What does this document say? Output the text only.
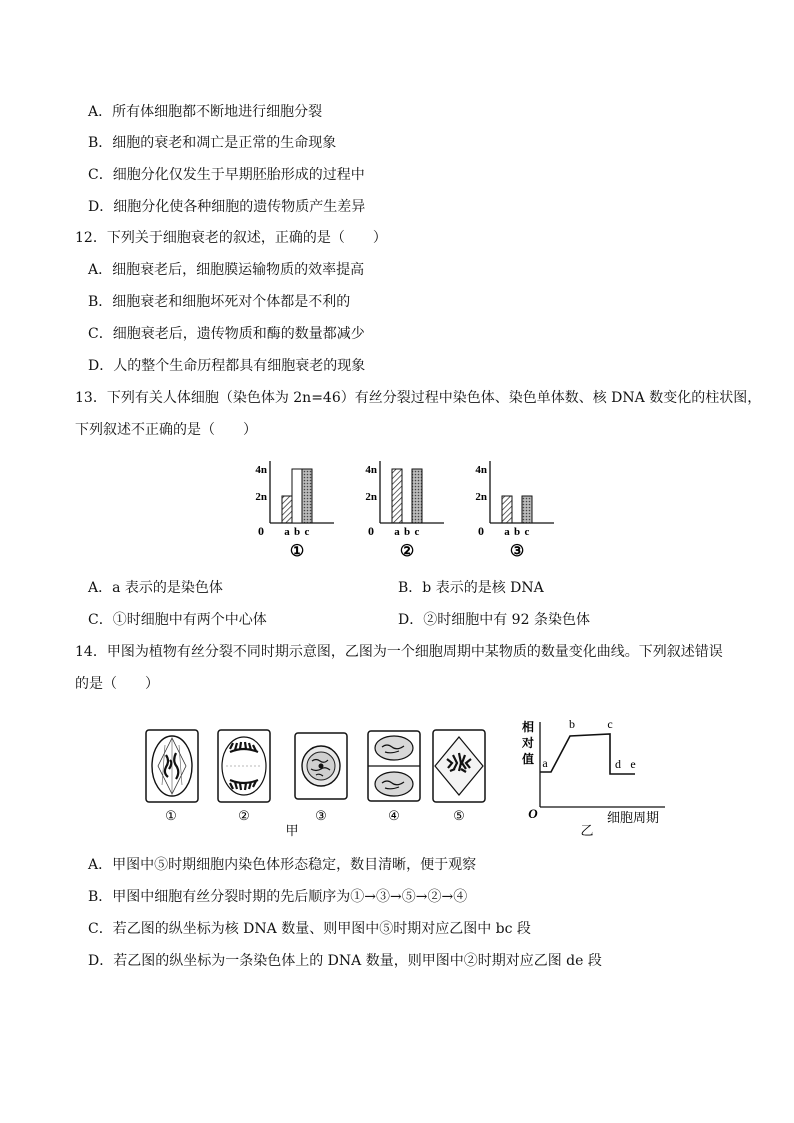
A．所有体细胞都不断地进行细胞分裂
B．细胞的衰老和凋亡是正常的生命现象
C．细胞分化仅发生于早期胚胎形成的过程中
D．细胞分化使各种细胞的遗传物质产生差异
12．下列关于细胞衰老的叙述，正确的是（　　）
A．细胞衰老后，细胞膜运输物质的效率提高
B．细胞衰老和细胞坏死对个体都是不利的
C．细胞衰老后，遗传物质和酶的数量都减少
D．人的整个生命历程都具有细胞衰老的现象
13．下列有关人体细胞（染色体为 2n=46）有丝分裂过程中染色体、染色单体数、核 DNA 数变化的柱状图，
下列叙述不正确的是（　　）
4n
2n
0 a b c
①
4n
2n
0 a b c
②
4n
2n
0 a b c
③
A．a 表示的是染色体	B．b 表示的是核 DNA
C．①时细胞中有两个中心体	D．②时细胞中有 92 条染色体
14．甲图为植物有丝分裂不同时期示意图，乙图为一个细胞周期中某物质的数量变化曲线。下列叙述错误
的是（　　）
①	②	③	④	⑤
甲
相
对
值 a
b	c
d e
O	细胞周期
乙
A．甲图中⑤时期细胞内染色体形态稳定，数目清晰，便于观察
B．甲图中细胞有丝分裂时期的先后顺序为①→③→⑤→②→④
C．若乙图的纵坐标为核 DNA 数量、则甲图中⑤时期对应乙图中 bc 段
D．若乙图的纵坐标为一条染色体上的 DNA 数量，则甲图中②时期对应乙图 de 段
